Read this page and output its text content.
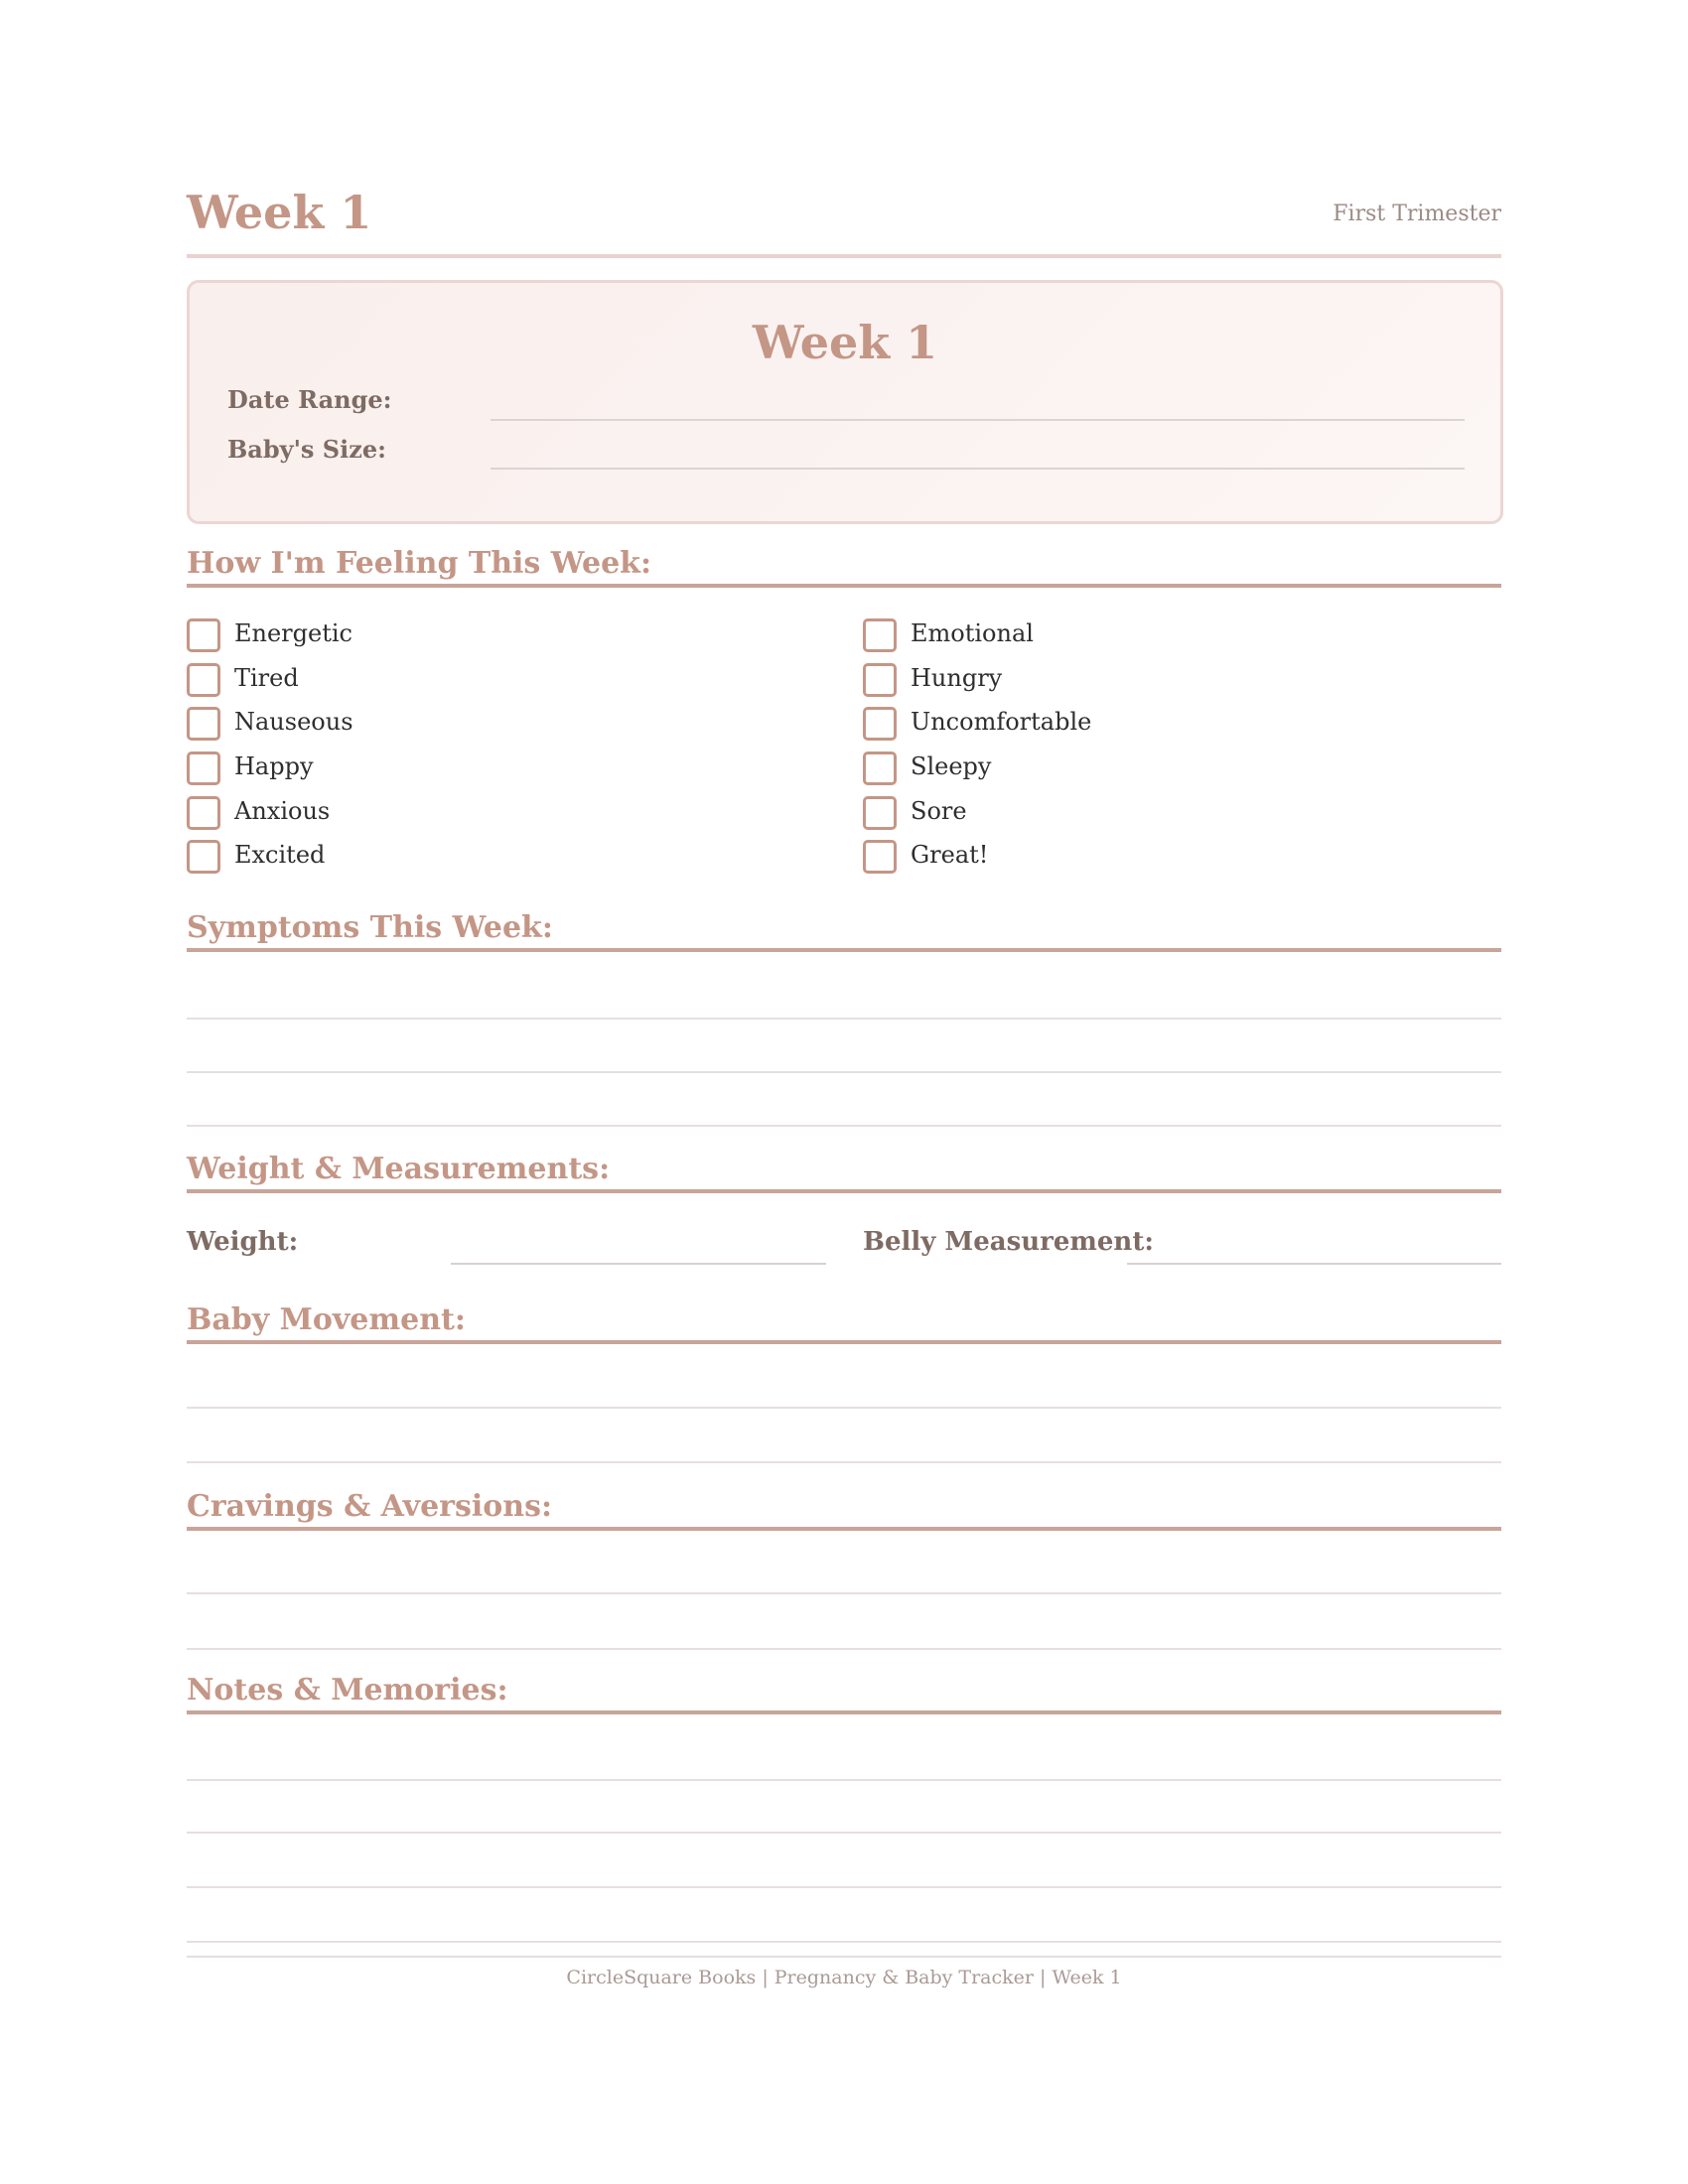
Week 1	First Trimester
Week 1
Date Range:
Baby's Size:
How I'm Feeling This Week:
Energetic
Tired
Nauseous
Happy
Anxious
Excited
Emotional
Hungry
Uncomfortable
Sleepy
Sore
Great!
Symptoms This Week:
Weight & Measurements:
Weight:	Belly Measurement:
Baby Movement:
Cravings & Aversions:
Notes & Memories:
CircleSquare Books | Pregnancy & Baby Tracker | Week 1
